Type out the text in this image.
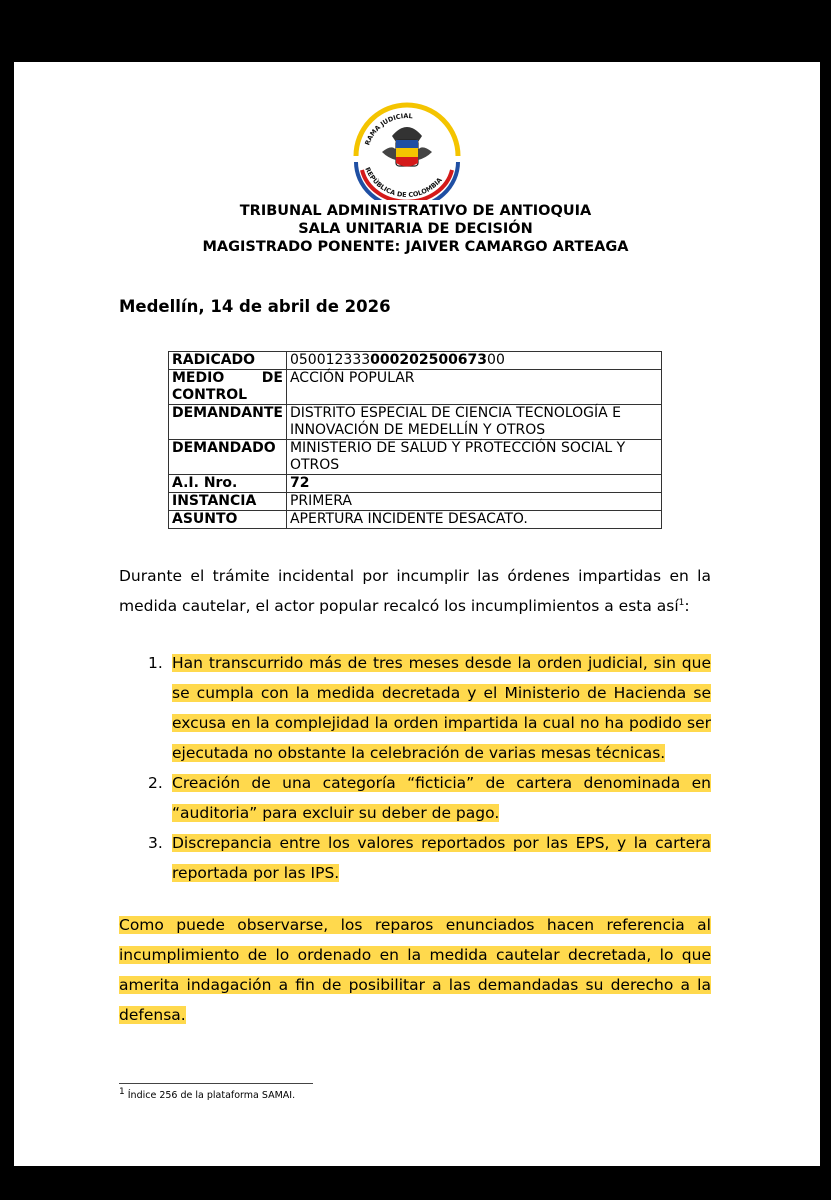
RAMA JUDICIAL
REPÚBLICA DE COLOMBIA
TRIBUNAL ADMINISTRATIVO DE ANTIOQUIA
SALA UNITARIA DE DECISIÓN
MAGISTRADO PONENTE: JAIVER CAMARGO ARTEAGA
Medellín, 14 de abril de 2026
RADICADO	05001233300020250067300

MEDIO DE
CONTROL	ACCIÓN POPULAR
DEMANDANTE	DISTRITO ESPECIAL DE CIENCIA TECNOLOGÍA E INNOVACIÓN DE MEDELLÍN Y OTROS
DEMANDADO	MINISTERIO DE SALUD Y PROTECCIÓN SOCIAL Y OTROS
A.I. Nro.	72
INSTANCIA	PRIMERA
ASUNTO	APERTURA INCIDENTE DESACATO.
Durante el trámite incidental por incumplir las órdenes impartidas en la medida cautelar, el actor popular recalcó los incumplimientos a esta así$^1$:
1. Han transcurrido más de tres meses desde la orden judicial, sin que se cumpla con la medida decretada y el Ministerio de Hacienda se excusa en la complejidad la orden impartida la cual no ha podido ser ejecutada no obstante la celebración de varias mesas técnicas.
2. Creación de una categoría “ficticia” de cartera denominada en “auditoria” para excluir su deber de pago.
3. Discrepancia entre los valores reportados por las EPS, y la cartera reportada por las IPS.
Como puede observarse, los reparos enunciados hacen referencia al incumplimiento de lo ordenado en la medida cautelar decretada, lo que amerita indagación a fin de posibilitar a las demandadas su derecho a la defensa.
1 Índice 256 de la plataforma SAMAI.
